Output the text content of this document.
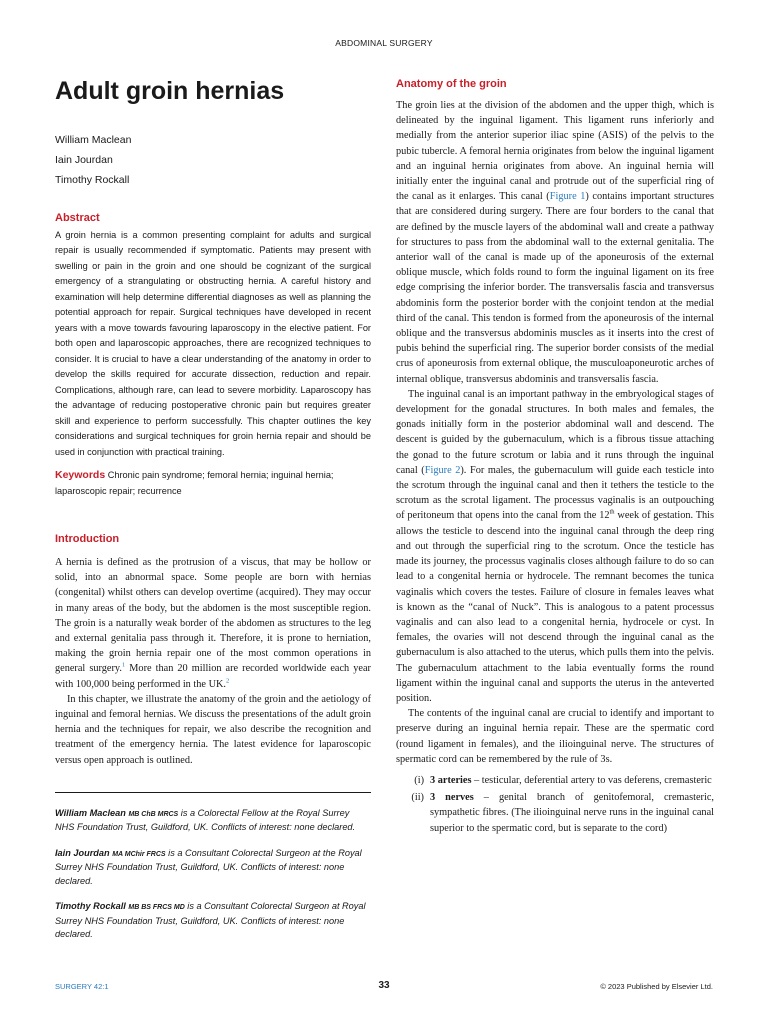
ABDOMINAL SURGERY
Adult groin hernias
William Maclean
Iain Jourdan
Timothy Rockall
Abstract

A groin hernia is a common presenting complaint for adults and surgical repair is usually recommended if symptomatic. Patients may present with swelling or pain in the groin and one should be cognizant of the surgical emergency of a strangulating or obstructing hernia. A careful history and examination will help determine differential diagnoses as well as planning the potential approach for repair. Surgical techniques have developed in recent years with a move towards favouring laparoscopy in the elective patient. For both open and laparoscopic approaches, there are recognized techniques to consider. It is crucial to have a clear understanding of the anatomy in order to develop the skills required for accurate dissection, reduction and repair. Complications, although rare, can lead to severe morbidity. Laparoscopy has the advantage of reducing postoperative chronic pain but requires greater skill and experience to perform successfully. This chapter outlines the key considerations and surgical techniques for groin hernia repair and should be used in conjunction with practical training.

Keywords Chronic pain syndrome; femoral hernia; inguinal hernia; laparoscopic repair; recurrence
Introduction

A hernia is defined as the protrusion of a viscus, that may be hollow or solid, into an abnormal space. Some people are born with hernias (congenital) whilst others can develop overtime (acquired). They may occur in many areas of the body, but the abdomen is the most susceptible region. The groin is a naturally weak border of the abdomen as structures to the leg and external genitalia pass through it. Therefore, it is prone to herniation, making the groin hernia repair one of the most common operations in general surgery.$^1$ More than 20 million are recorded worldwide each year with 100,000 being performed in the UK.$^2$

In this chapter, we illustrate the anatomy of the groin and the aetiology of inguinal and femoral hernias. We discuss the presentations of the adult groin hernia and the techniques for repair, we also describe the recognition and treatment of the emergency hernia. The latest evidence for laparoscopic versus open approach is outlined.

William Maclean MB ChB MRCS is a Colorectal Fellow at the Royal Surrey NHS Foundation Trust, Guildford, UK. Conflicts of interest: none declared.

Iain Jourdan MA MChir FRCS is a Consultant Colorectal Surgeon at the Royal Surrey NHS Foundation Trust, Guildford, UK. Conflicts of interest: none declared.

Timothy Rockall MB BS FRCS MD is a Consultant Colorectal Surgeon at Royal Surrey NHS Foundation Trust, Guildford, UK. Conflicts of interest: none declared.

Anatomy of the groin

The groin lies at the division of the abdomen and the upper thigh, which is delineated by the inguinal ligament. This ligament runs inferiorly and medially from the anterior superior iliac spine (ASIS) of the pelvis to the pubic tubercle. A femoral hernia originates from below the inguinal ligament and an inguinal hernia originates from above. An inguinal hernia will initially enter the inguinal canal and protrude out of the superficial ring of the canal as it enlarges. This canal (Figure 1) contains important structures that are considered during surgery. There are four borders to the canal that are defined by the muscle layers of the abdominal wall and create a pathway for structures to pass from the abdominal wall to the external genitalia. The anterior wall of the canal is made up of the aponeurosis of the external oblique muscle, which folds round to form the inguinal ligament on its free edge comprising the inferior border. The transversalis fascia and transversus abdominis form the posterior border with the conjoint tendon at the medial third of the canal. This tendon is formed from the aponeurosis of the internal oblique and the transversus abdominis muscles as it inserts into the crest of pubis behind the superficial ring. The superior border consists of the medial crus of aponeurosis from external oblique, the musculoaponeurotic arches of internal oblique, transversus abdominis and transversalis fascia.

The inguinal canal is an important pathway in the embryological stages of development for the gonadal structures. In both males and females, the gonads initially form in the posterior abdominal wall and descend. The descent is guided by the gubernaculum, which is a fibrous tissue attaching the gonad to the future scrotum or labia and it runs through the inguinal canal (Figure 2). For males, the gubernaculum will guide each testicle into the scrotum through the inguinal canal and then it tethers the testicle to the scrotum as the scrotal ligament. The processus vaginalis is an outpouching of peritoneum that opens into the canal from the 12th week of gestation. This allows the testicle to descend into the inguinal canal through the deep ring and out through the superficial ring to the scrotum. Once the testicle has made its journey, the processus vaginalis closes although failure to do so can lead to a congenital hernia or hydrocele. The remnant becomes the tunica vaginalis which covers the testes. Failure of closure in females leaves what is known as the “canal of Nuck”. This is analogous to a patent processus vaginalis and can also lead to a congenital hernia, hydrocele or cyst. In females, the ovaries will not descend through the inguinal canal as the gubernaculum is also attached to the uterus, which pulls them into the pelvis. The gubernaculum attachment to the labia eventually forms the round ligament within the inguinal canal and supports the uterus in the anteverted position.

The contents of the inguinal canal are crucial to identify and important to preserve during an inguinal hernia repair. These are the spermatic cord (round ligament in females), and the ilioinguinal nerve. The structures of spermatic cord can be remembered by the rule of 3s.

(i) 3 arteries – testicular, deferential artery to vas deferens, cremasteric
(ii) 3 nerves – genital branch of genitofemoral, cremasteric, sympathetic fibres. (The ilioinguinal nerve runs in the inguinal canal superior to the spermatic cord, but is separate to the cord)
SURGERY 42:1	33	© 2023 Published by Elsevier Ltd.
